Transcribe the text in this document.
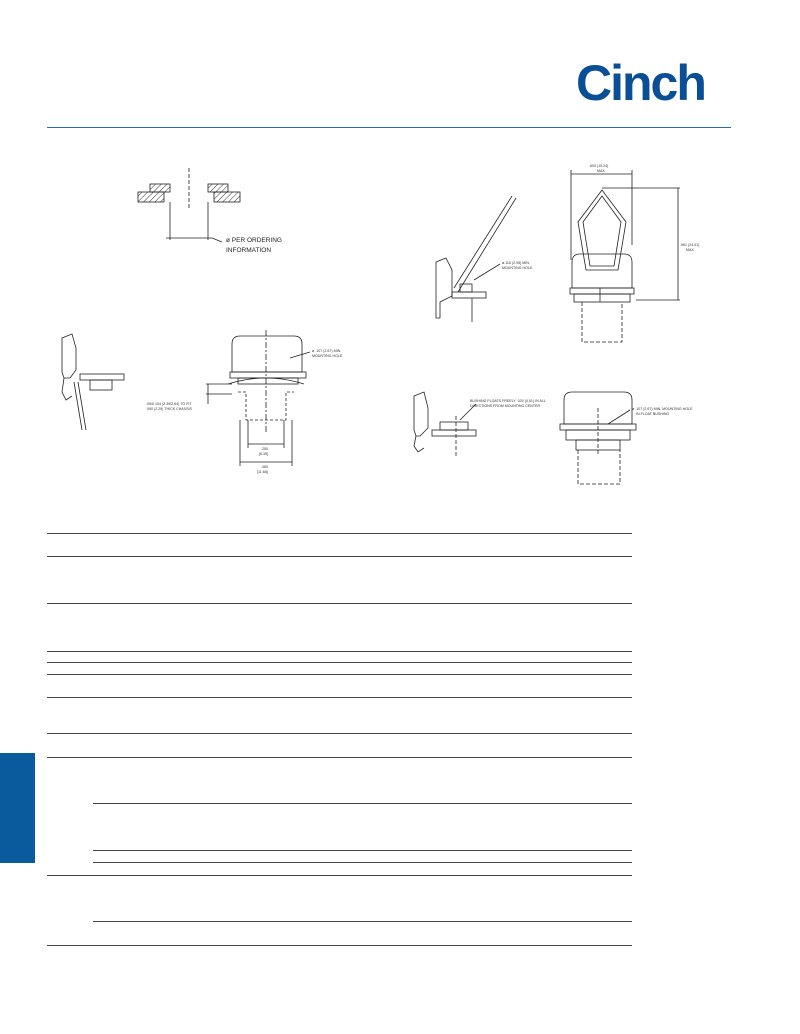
Cinch
ø PER ORDERING
INFORMATION
ø.116 (2.95) MIN.
MOUNTING HOLE
.600 (15.24)
MAX.
.961 (24.41)
MAX.
ø .107 (2.67) MIN.
MOUNTING HOLE
.094/.104 (2.39/2.64) TO FIT
.090 (2.29) THICK CHASSIS
.250
[6.35]
.460
[11.68]
BUSHING FLOATS FREELY .020 (0.51) IN ALL
DIRECTIONS FROM MOUNTING CENTER
ø .107 (2.67) MIN. MOUNTING HOLE
IN FLOAT BUSHING
